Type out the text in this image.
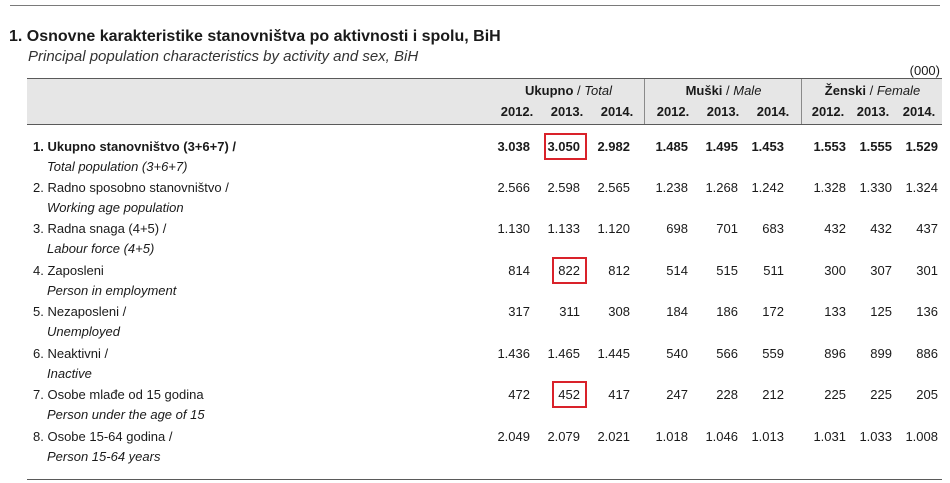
1. Osnovne karakteristike stanovništva po aktivnosti i spolu, BiH
Principal population characteristics by activity and sex, BiH
(000)
Ukupno / Total
2012.	2013.	2014.
Muški / Male
2012.	2013.	2014.
Ženski / Female
2012. 2013.	2014.
1. Ukupno stanovništvo (3+6+7) /
Total population (3+6+7)
3.038	3.050	2.982	1.485	1.495	1.453	1.553	1.555	1.529
2. Radno sposobno stanovništvo /
Working age population
2.566	2.598	2.565	1.238	1.268	1.242	1.328	1.330	1.324
3. Radna snaga (4+5) /
Labour force (4+5)
1.130	1.133	1.120	698	701	683	432	432	437
4. Zaposleni
Person in employment
814	822	812	514	515	511	300	307	301
5. Nezaposleni /
Unemployed
317	311	308	184	186	172	133	125	136
6. Neaktivni /
Inactive
1.436	1.465	1.445	540	566	559	896	899	886
7. Osobe mlađe od 15 godina
Person under the age of 15
472	452	417	247	228	212	225	225	205
8. Osobe 15-64 godina /
Person 15-64 years
2.049	2.079	2.021	1.018	1.046	1.013	1.031	1.033	1.008
